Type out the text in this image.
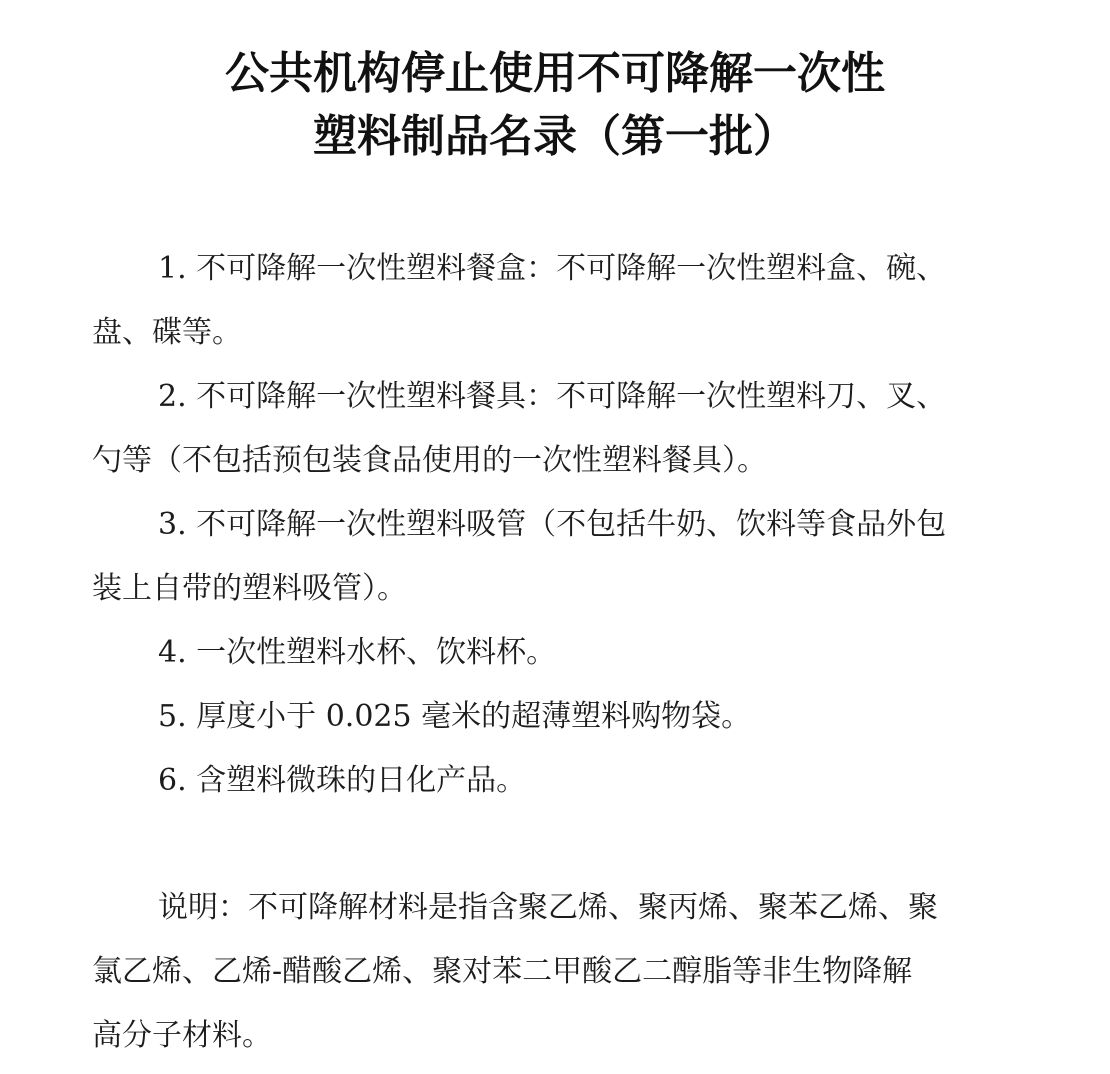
公共机构停止使用不可降解一次性
塑料制品名录（第一批）
1. 不可降解一次性塑料餐盒：不可降解一次性塑料盒、碗、
盘、碟等。
2. 不可降解一次性塑料餐具：不可降解一次性塑料刀、叉、
勺等（不包括预包装食品使用的一次性塑料餐具）。
3. 不可降解一次性塑料吸管（不包括牛奶、饮料等食品外包
装上自带的塑料吸管）。
4. 一次性塑料水杯、饮料杯。
5. 厚度小于 0.025 毫米的超薄塑料购物袋。
6. 含塑料微珠的日化产品。
说明：不可降解材料是指含聚乙烯、聚丙烯、聚苯乙烯、聚
氯乙烯、乙烯-醋酸乙烯、聚对苯二甲酸乙二醇脂等非生物降解
高分子材料。
